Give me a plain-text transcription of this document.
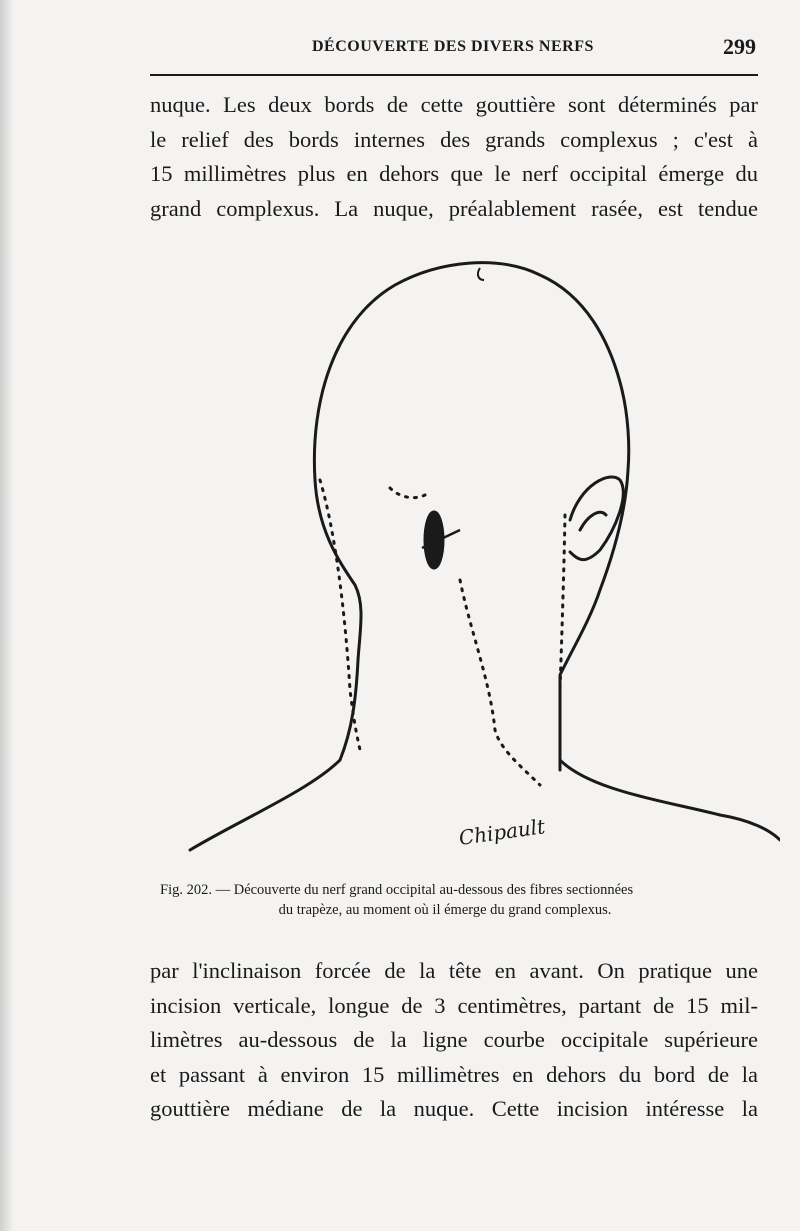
DÉCOUVERTE DES DIVERS NERFS	299
nuque. Les deux bords de cette gouttière sont déterminés par
le relief des bords internes des grands complexus ; c'est à
15 millimètres plus en dehors que le nerf occipital émerge du
grand complexus. La nuque, préalablement rasée, est tendue
Chipault
Fig. 202. — Découverte du nerf grand occipital au-dessous des fibres sectionnées
du trapèze, au moment où il émerge du grand complexus.
par l'inclinaison forcée de la tête en avant. On pratique une
incision verticale, longue de 3 centimètres, partant de 15 mil-
limètres au-dessous de la ligne courbe occipitale supérieure
et passant à environ 15 millimètres en dehors du bord de la
gouttière médiane de la nuque. Cette incision intéresse la
